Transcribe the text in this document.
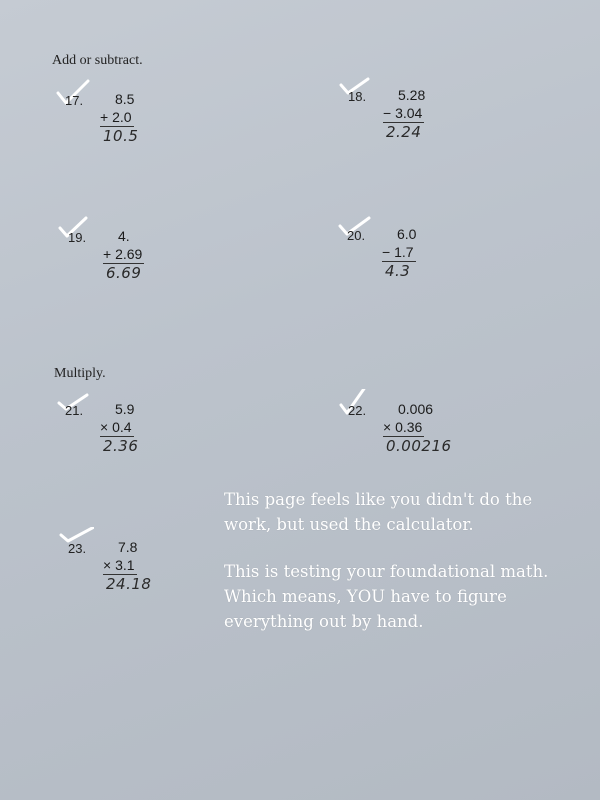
Add or subtract.
17. 8.5
+ 2.0
10.5
18. 5.28
− 3.04
2.24
19. 4.
+ 2.69
6.69
20. 6.0
− 1.7
4.3
Multiply.
21. 5.9
× 0.4
2.36
22. 0.006
× 0.36
0.00216
23. 7.8
× 3.1
24.18
This page feels like you didn't do the work, but used the calculator.
This is testing your foundational math. Which means, YOU have to figure everything out by hand.
